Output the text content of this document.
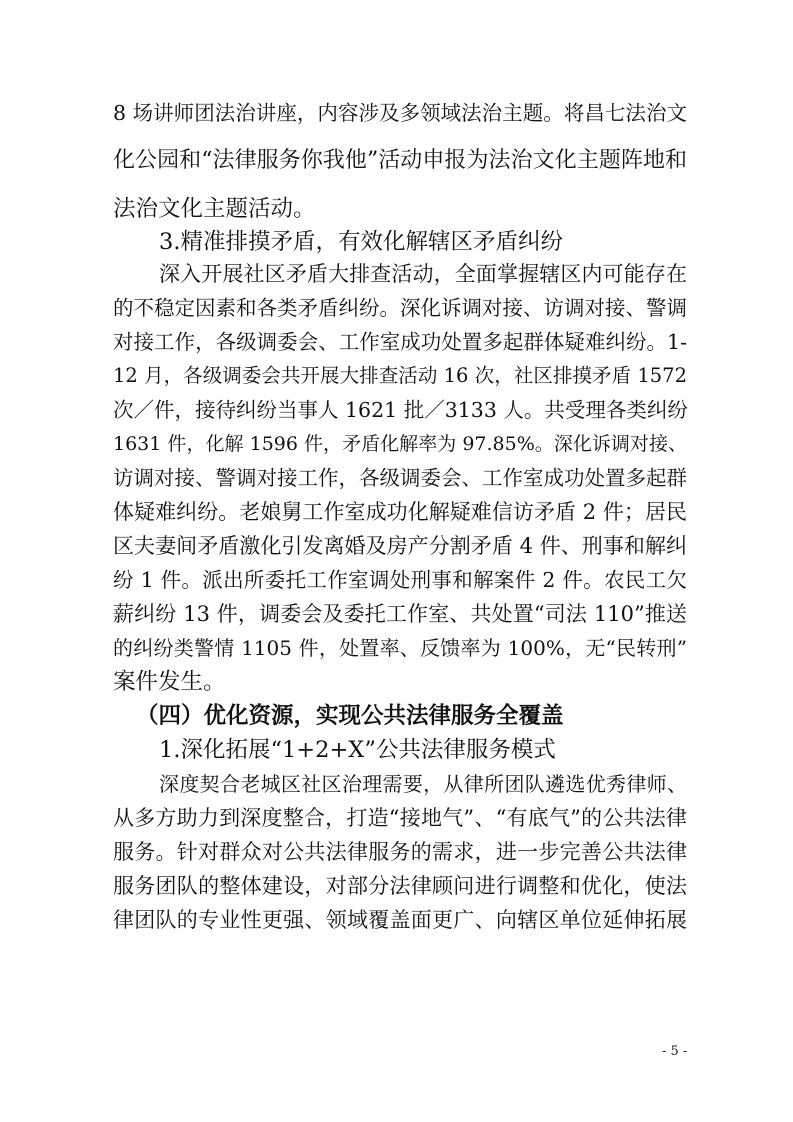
8 场讲师团法治讲座，内容涉及多领域法治主题。将昌七法治文
化公园和“法律服务你我他”活动申报为法治文化主题阵地和
法治文化主题活动。
3.精准排摸矛盾，有效化解辖区矛盾纠纷
深入开展社区矛盾大排查活动，全面掌握辖区内可能存在
的不稳定因素和各类矛盾纠纷。深化诉调对接、访调对接、警调
对接工作，各级调委会、工作室成功处置多起群体疑难纠纷。1-
12 月，各级调委会共开展大排查活动 16 次，社区排摸矛盾 1572
次／件，接待纠纷当事人 1621 批／3133 人。共受理各类纠纷
1631 件，化解 1596 件，矛盾化解率为 97.85%。深化诉调对接、
访调对接、警调对接工作，各级调委会、工作室成功处置多起群
体疑难纠纷。老娘舅工作室成功化解疑难信访矛盾 2 件；居民
区夫妻间矛盾激化引发离婚及房产分割矛盾 4 件、刑事和解纠
纷 1 件。派出所委托工作室调处刑事和解案件 2 件。农民工欠
薪纠纷 13 件，调委会及委托工作室、共处置“司法 110”推送
的纠纷类警情 1105 件，处置率、反馈率为 100%，无“民转刑”
案件发生。
（四）优化资源，实现公共法律服务全覆盖
1.深化拓展“1+2+X”公共法律服务模式
深度契合老城区社区治理需要，从律所团队遴选优秀律师、
从多方助力到深度整合，打造“接地气”、“有底气”的公共法律
服务。针对群众对公共法律服务的需求，进一步完善公共法律
服务团队的整体建设，对部分法律顾问进行调整和优化，使法
律团队的专业性更强、领域覆盖面更广、向辖区单位延伸拓展
- 5 -
